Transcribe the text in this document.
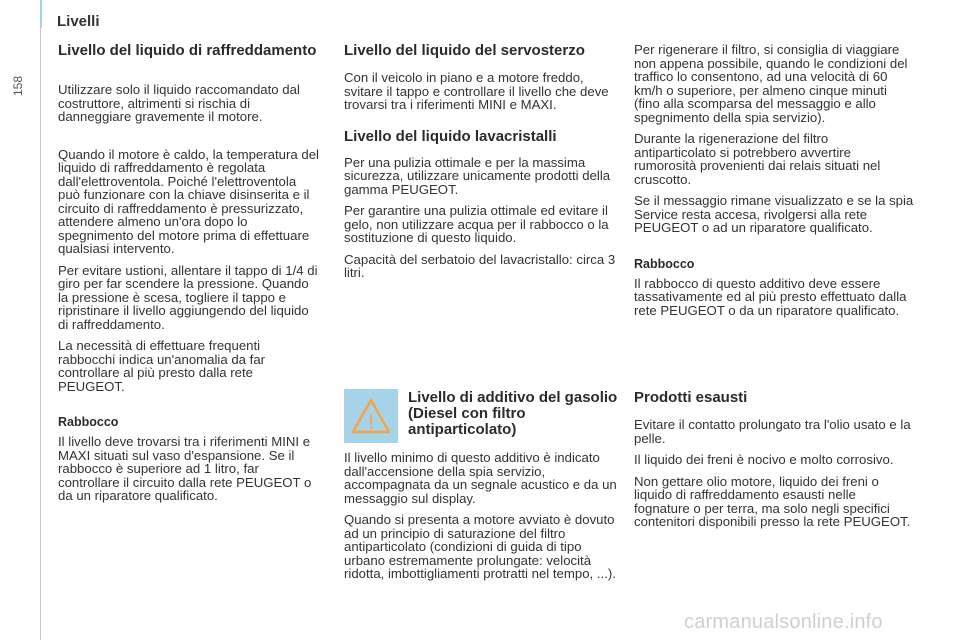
Livelli
158
Livello del liquido di raffreddamento

Utilizzare solo il liquido raccomandato dal costruttore, altrimenti si rischia di danneggiare gravemente il motore.

Quando il motore è caldo, la temperatura del liquido di raffreddamento è regolata dall'elettroventola. Poiché l'elettroventola può funzionare con la chiave disinserita e il circuito di raffreddamento è pressurizzato, attendere almeno un'ora dopo lo spegnimento del motore prima di effettuare qualsiasi intervento.

Per evitare ustioni, allentare il tappo di 1/4 di giro per far scendere la pressione. Quando la pressione è scesa, togliere il tappo e ripristinare il livello aggiungendo del liquido di raffreddamento.

La necessità di effettuare frequenti rabbocchi indica un'anomalia da far controllare al più presto dalla rete PEUGEOT.

Rabbocco

Il livello deve trovarsi tra i riferimenti MINI e MAXI situati sul vaso d'espansione. Se il rabbocco è superiore ad 1 litro, far controllare il circuito dalla rete PEUGEOT o da un riparatore qualificato.

Livello del liquido del servosterzo

Con il veicolo in piano e a motore freddo, svitare il tappo e controllare il livello che deve trovarsi tra i riferimenti MINI e MAXI.

Livello del liquido lavacristalli

Per una pulizia ottimale e per la massima sicurezza, utilizzare unicamente prodotti della gamma PEUGEOT.

Per garantire una pulizia ottimale ed evitare il gelo, non utilizzare acqua per il rabbocco o la sostituzione di questo liquido.

Capacità del serbatoio del lavacristallo: circa 3 litri.

!
Livello di additivo del gasolio (Diesel con filtro antiparticolato)

Il livello minimo di questo additivo è indicato dall'accensione della spia servizio, accompagnata da un segnale acustico e da un messaggio sul display.

Quando si presenta a motore avviato è dovuto ad un principio di saturazione del filtro antiparticolato (condizioni di guida di tipo urbano estremamente prolungate: velocità ridotta, imbottigliamenti protratti nel tempo, ...).

Per rigenerare il filtro, si consiglia di viaggiare non appena possibile, quando le condizioni del traffico lo consentono, ad una velocità di 60 km/h o superiore, per almeno cinque minuti (fino alla scomparsa del messaggio e allo spegnimento della spia servizio).

Durante la rigenerazione del filtro antiparticolato si potrebbero avvertire rumorosità provenienti dai relais situati nel cruscotto.

Se il messaggio rimane visualizzato e se la spia Service resta accesa, rivolgersi alla rete PEUGEOT o ad un riparatore qualificato.

Rabbocco

Il rabbocco di questo additivo deve essere tassativamente ed al più presto effettuato dalla rete PEUGEOT o da un riparatore qualificato.

Prodotti esausti

Evitare il contatto prolungato tra l'olio usato e la pelle.

Il liquido dei freni è nocivo e molto corrosivo.

Non gettare olio motore, liquido dei freni o liquido di raffreddamento esausti nelle fognature o per terra, ma solo negli specifici contenitori disponibili presso la rete PEUGEOT.

carmanualsonline.info
